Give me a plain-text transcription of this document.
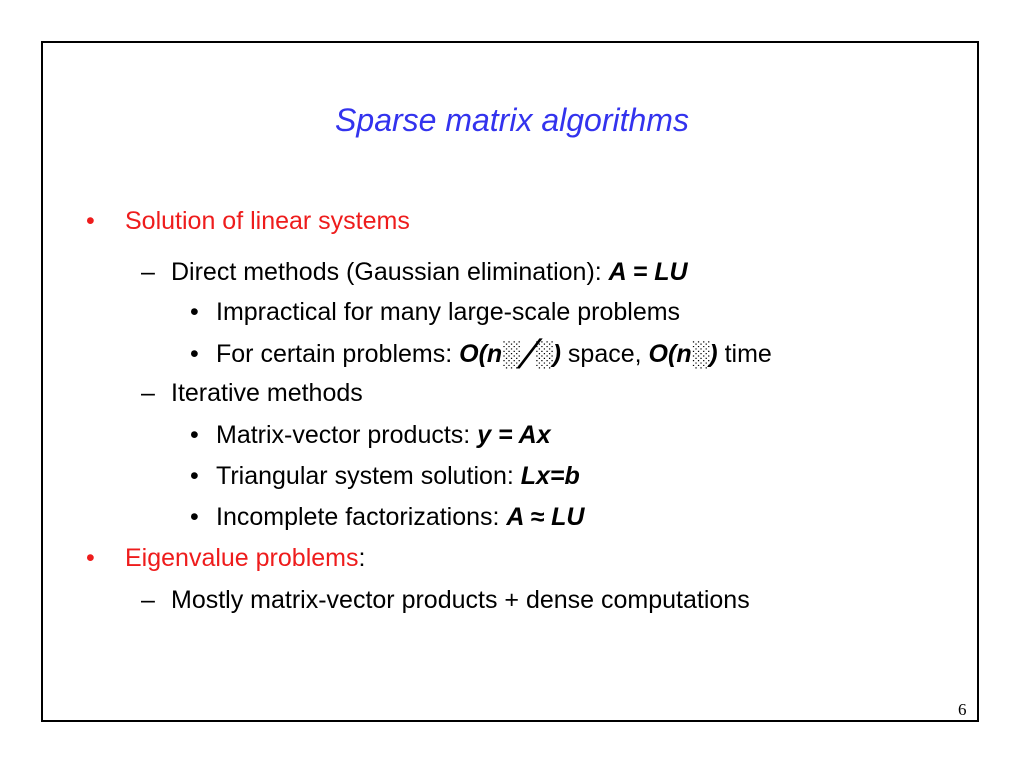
Sparse matrix algorithms
• Solution of linear systems
– Direct methods (Gaussian elimination): A = LU
• Impractical for many large-scale problems
• For certain problems: O(n░╱░) space, O(n░) time
– Iterative methods
• Matrix-vector products: y = Ax
• Triangular system solution: Lx=b
• Incomplete factorizations: A ≈ LU
• Eigenvalue problems:
– Mostly matrix-vector products + dense computations
6
